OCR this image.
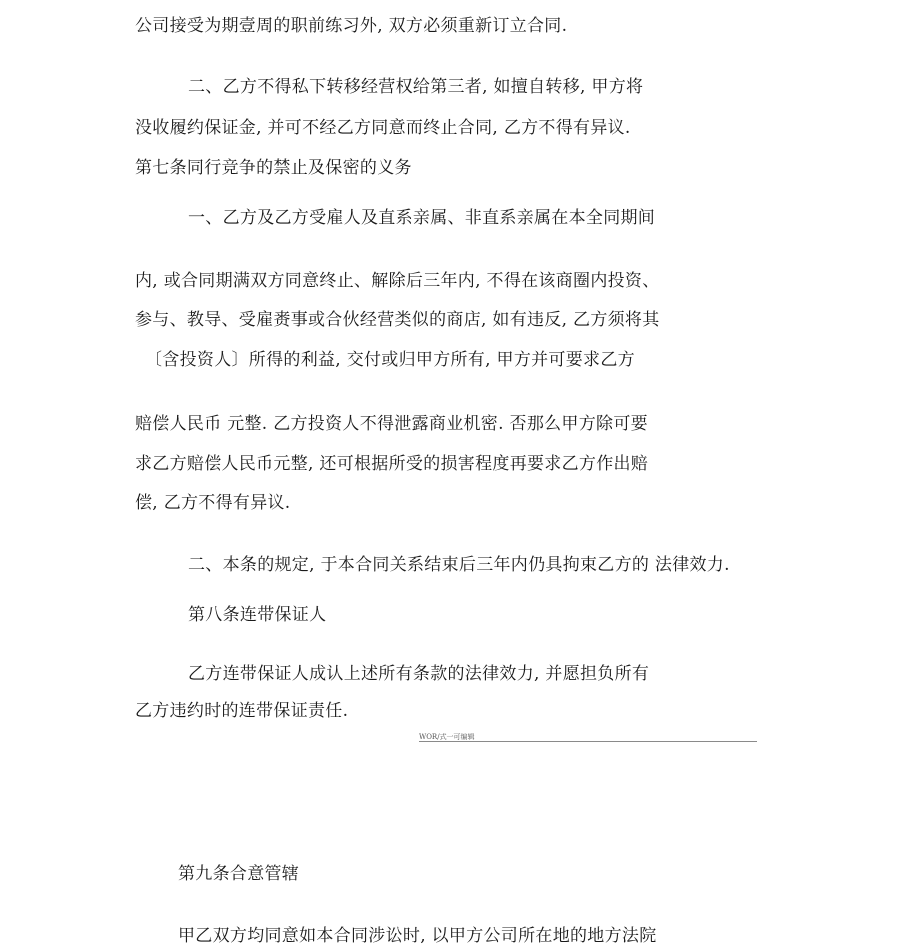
公司接受为期壹周的职前练习外, 双方必须重新订立合同.
二、乙方不得私下转移经营权给第三者, 如擅自转移, 甲方将
没收履约保证金, 并可不经乙方同意而终止合同, 乙方不得有异议.
第七条同行竞争的禁止及保密的义务
一、乙方及乙方受雇人及直系亲属、非直系亲属在本全同期间
内, 或合同期满双方同意终止、解除后三年内, 不得在该商圈内投资、
参与、教导、受雇赉事或合伙经营类似的商店, 如有违反, 乙方须将其
〔含投资人〕所得的利益, 交付或归甲方所有, 甲方并可要求乙方
赔偿人民币 元整. 乙方投资人不得泄露商业机密. 否那么甲方除可要
求乙方赔偿人民币元整, 还可根据所受的损害程度再要求乙方作出赔
偿, 乙方不得有异议.
二、本条的规定, 于本合同关系结束后三年内仍具拘束乙方的 法律效力.
第八条连带保证人
乙方连带保证人成认上述所有条款的法律效力, 并愿担负所有
乙方违约时的连带保证责任.
WOR/式一可编辑
第九条合意管辖
甲乙双方均同意如本合同涉讼时, 以甲方公司所在地的地方法院
